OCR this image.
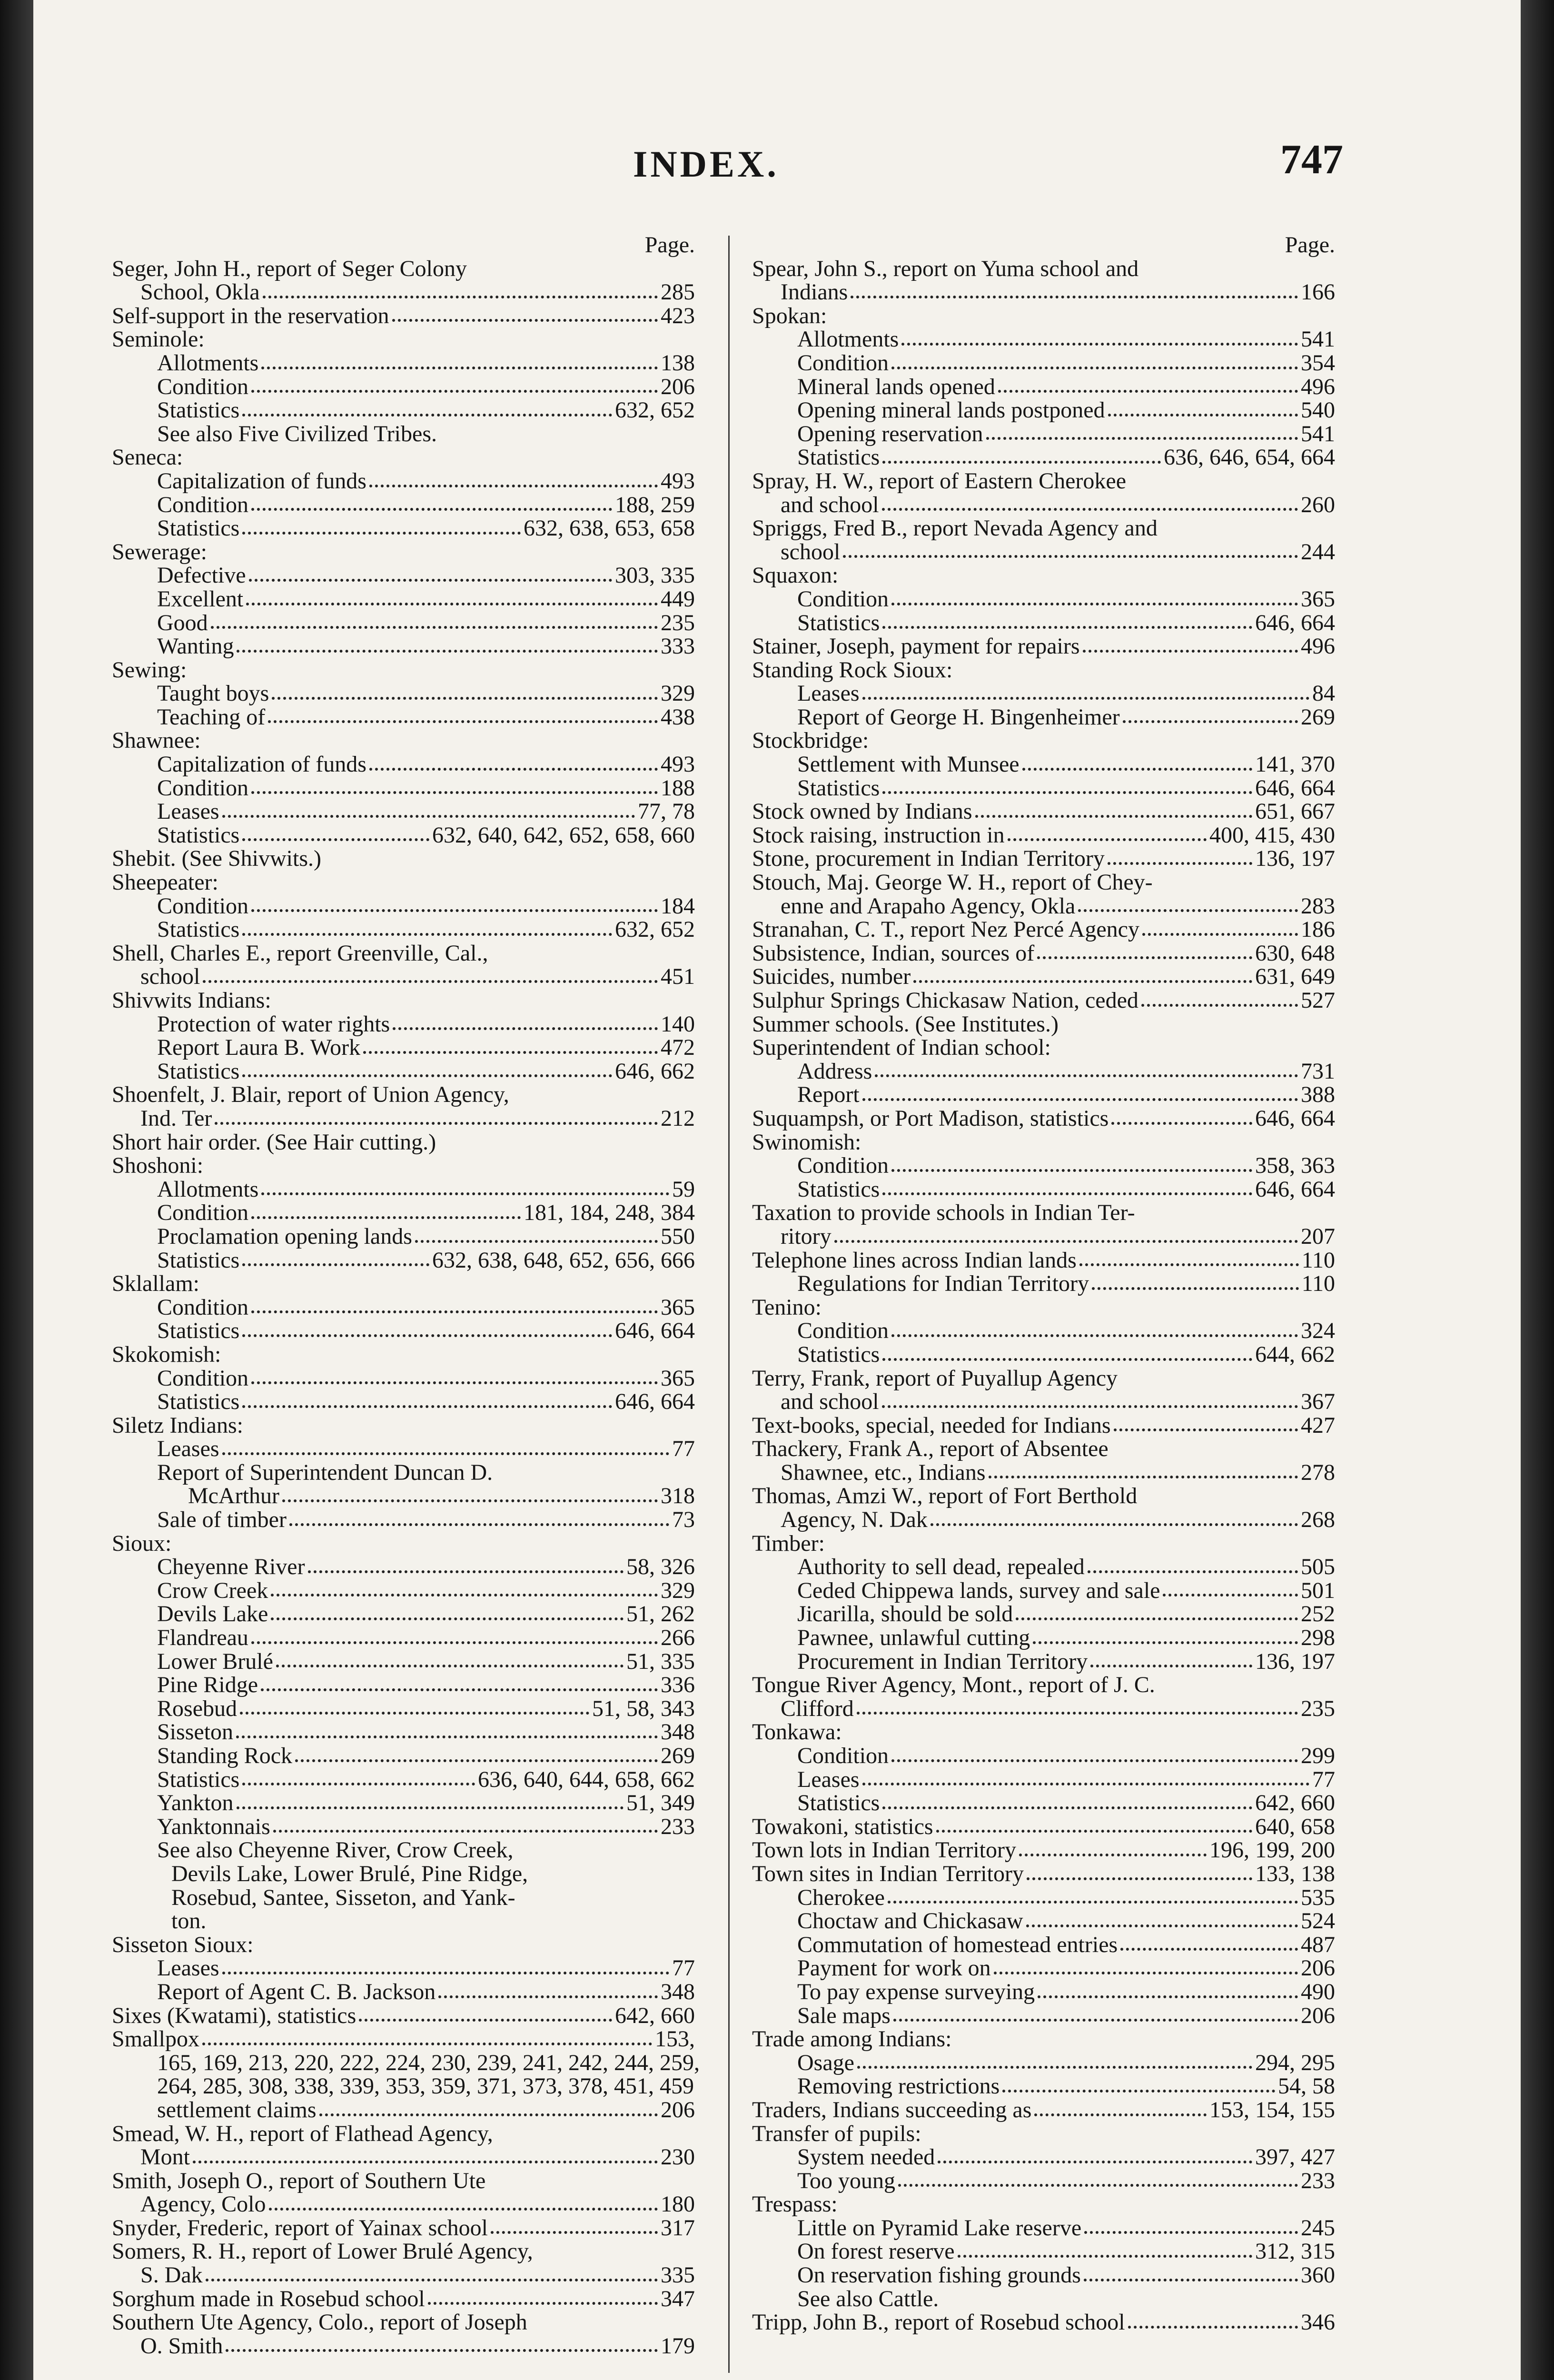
INDEX.	747
Page.
Seger, John H., report of Seger Colony
School, Okla	285
Self-support in the reservation	423
Seminole:
Allotments	138
Condition	206
Statistics	632, 652
See also Five Civilized Tribes.
Seneca:
Capitalization of funds	493
Condition	188, 259
Statistics	632, 638, 653, 658
Sewerage:
Defective	303, 335
Excellent	449
Good	235
Wanting	333
Sewing:
Taught boys	329
Teaching of	438
Shawnee:
Capitalization of funds	493
Condition	188
Leases	77, 78
Statistics	632, 640, 642, 652, 658, 660
Shebit. (See Shivwits.)
Sheepeater:
Condition	184
Statistics	632, 652
Shell, Charles E., report Greenville, Cal.,
school	451
Shivwits Indians:
Protection of water rights	140
Report Laura B. Work	472
Statistics	646, 662
Shoenfelt, J. Blair, report of Union Agency,
Ind. Ter	212
Short hair order. (See Hair cutting.)
Shoshoni:
Allotments	59
Condition	181, 184, 248, 384
Proclamation opening lands	550
Statistics	632, 638, 648, 652, 656, 666
Sklallam:
Condition	365
Statistics	646, 664
Skokomish:
Condition	365
Statistics	646, 664
Siletz Indians:
Leases	77
Report of Superintendent Duncan D.
McArthur	318
Sale of timber	73
Sioux:
Cheyenne River	58, 326
Crow Creek	329
Devils Lake	51, 262
Flandreau	266
Lower Brulé	51, 335
Pine Ridge	336
Rosebud	51, 58, 343
Sisseton	348
Standing Rock	269
Statistics	636, 640, 644, 658, 662
Yankton	51, 349
Yanktonnais	233
See also Cheyenne River, Crow Creek,
Devils Lake, Lower Brulé, Pine Ridge,
Rosebud, Santee, Sisseton, and Yank-
ton.
Sisseton Sioux:
Leases	77
Report of Agent C. B. Jackson	348
Sixes (Kwatami), statistics	642, 660
Smallpox	153,
165, 169, 213, 220, 222, 224, 230, 239, 241, 242, 244, 259,
264, 285, 308, 338, 339, 353, 359, 371, 373, 378, 451, 459
settlement claims	206
Smead, W. H., report of Flathead Agency,
Mont	230
Smith, Joseph O., report of Southern Ute
Agency, Colo	180
Snyder, Frederic, report of Yainax school	317
Somers, R. H., report of Lower Brulé Agency,
S. Dak	335
Sorghum made in Rosebud school	347
Southern Ute Agency, Colo., report of Joseph
O. Smith	179
Page.
Spear, John S., report on Yuma school and
Indians	166
Spokan:
Allotments	541
Condition	354
Mineral lands opened	496
Opening mineral lands postponed	540
Opening reservation	541
Statistics	636, 646, 654, 664
Spray, H. W., report of Eastern Cherokee
and school	260
Spriggs, Fred B., report Nevada Agency and
school	244
Squaxon:
Condition	365
Statistics	646, 664
Stainer, Joseph, payment for repairs	496
Standing Rock Sioux:
Leases	84
Report of George H. Bingenheimer	269
Stockbridge:
Settlement with Munsee	141, 370
Statistics	646, 664
Stock owned by Indians	651, 667
Stock raising, instruction in	400, 415, 430
Stone, procurement in Indian Territory	136, 197
Stouch, Maj. George W. H., report of Chey-
enne and Arapaho Agency, Okla	283
Stranahan, C. T., report Nez Percé Agency	186
Subsistence, Indian, sources of	630, 648
Suicides, number	631, 649
Sulphur Springs Chickasaw Nation, ceded	527
Summer schools. (See Institutes.)
Superintendent of Indian school:
Address	731
Report	388
Suquampsh, or Port Madison, statistics	646, 664
Swinomish:
Condition	358, 363
Statistics	646, 664
Taxation to provide schools in Indian Ter-
ritory	207
Telephone lines across Indian lands	110
Regulations for Indian Territory	110
Tenino:
Condition	324
Statistics	644, 662
Terry, Frank, report of Puyallup Agency
and school	367
Text-books, special, needed for Indians	427
Thackery, Frank A., report of Absentee
Shawnee, etc., Indians	278
Thomas, Amzi W., report of Fort Berthold
Agency, N. Dak	268
Timber:
Authority to sell dead, repealed	505
Ceded Chippewa lands, survey and sale	501
Jicarilla, should be sold	252
Pawnee, unlawful cutting	298
Procurement in Indian Territory	136, 197
Tongue River Agency, Mont., report of J. C.
Clifford	235
Tonkawa:
Condition	299
Leases	77
Statistics	642, 660
Towakoni, statistics	640, 658
Town lots in Indian Territory	196, 199, 200
Town sites in Indian Territory	133, 138
Cherokee	535
Choctaw and Chickasaw	524
Commutation of homestead entries	487
Payment for work on	206
To pay expense surveying	490
Sale maps	206
Trade among Indians:
Osage	294, 295
Removing restrictions	54, 58
Traders, Indians succeeding as	153, 154, 155
Transfer of pupils:
System needed	397, 427
Too young	233
Trespass:
Little on Pyramid Lake reserve	245
On forest reserve	312, 315
On reservation fishing grounds	360
See also Cattle.
Tripp, John B., report of Rosebud school	346
